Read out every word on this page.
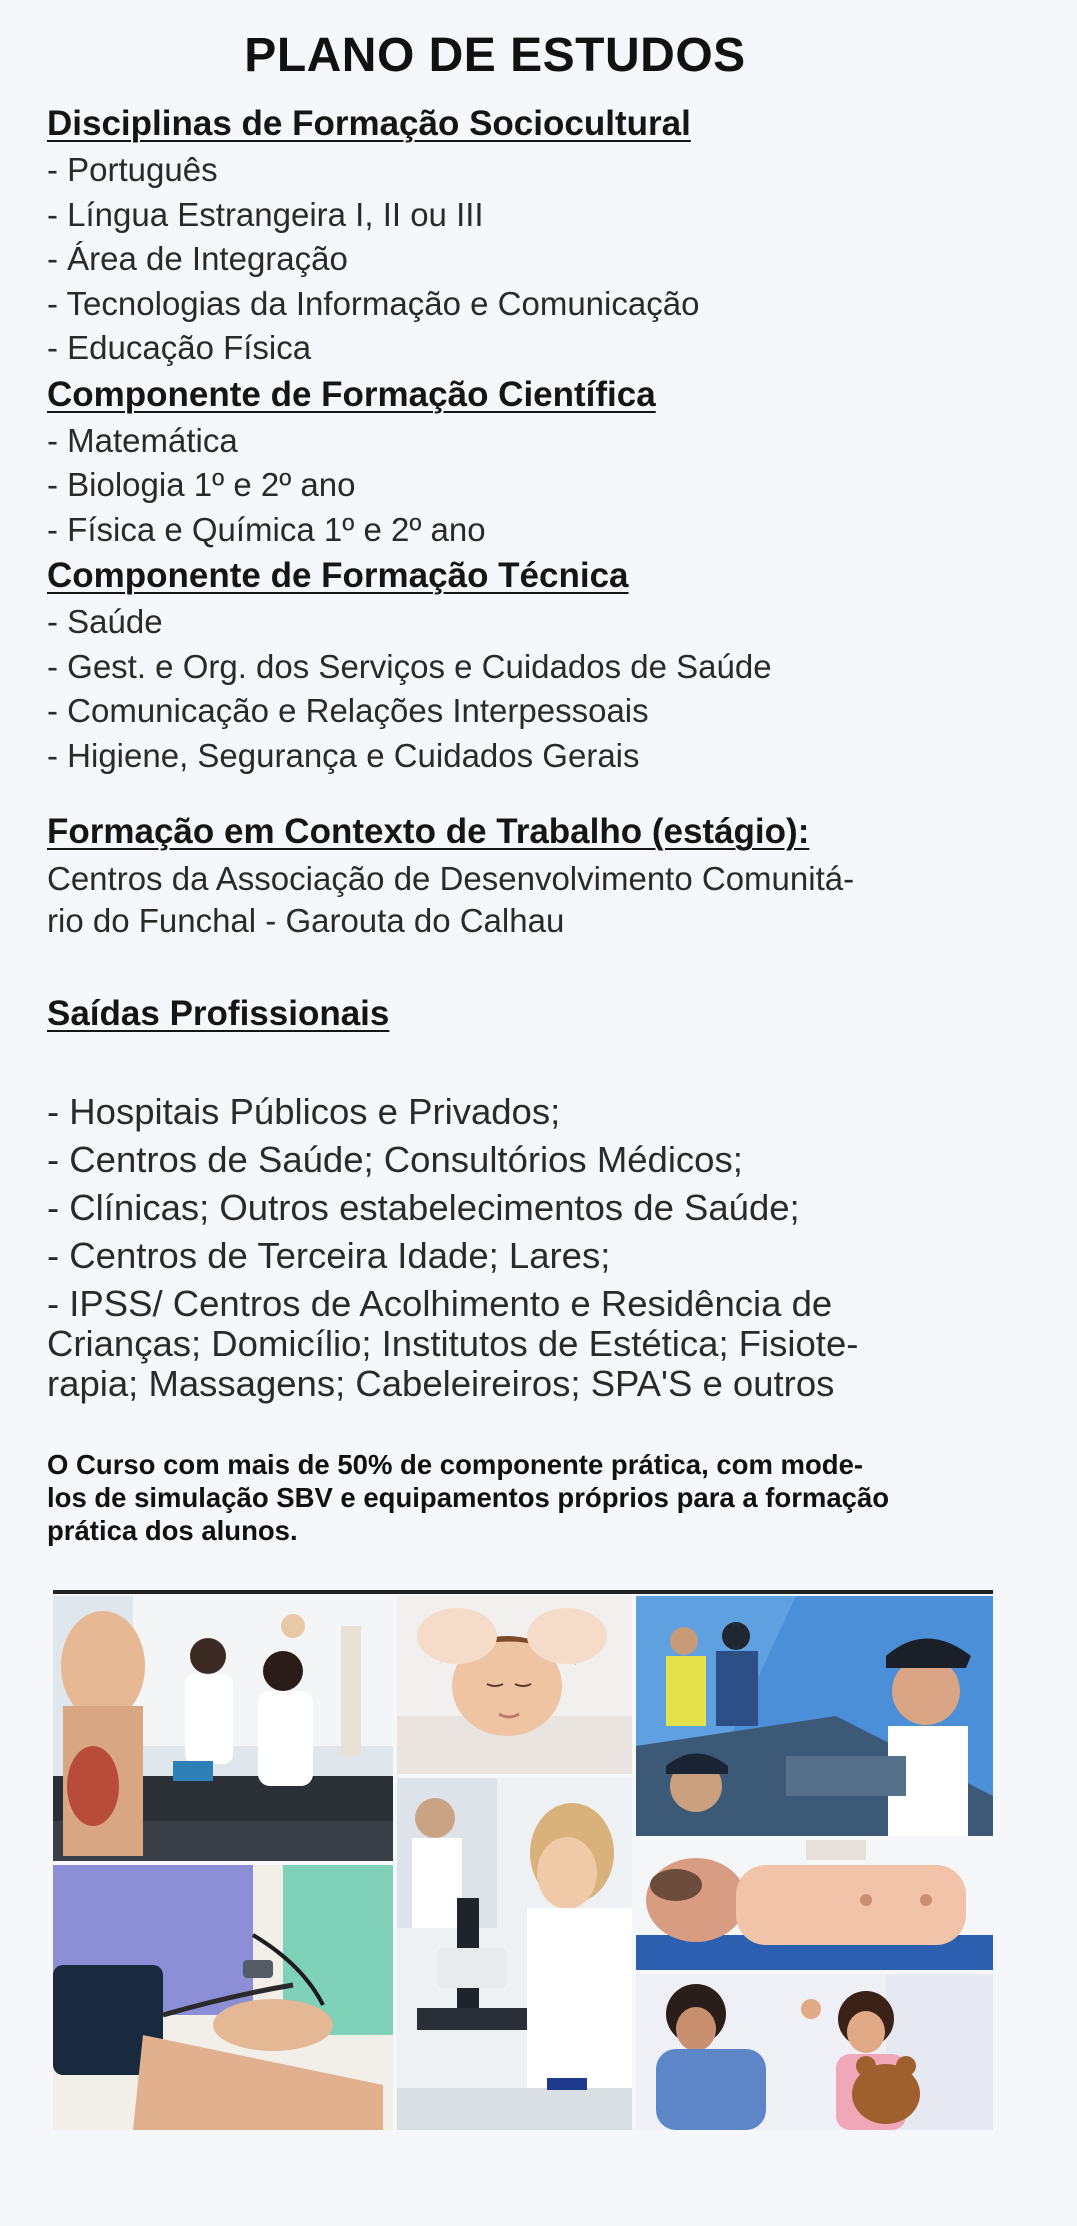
PLANO DE ESTUDOS

Disciplinas de Formação Sociocultural

- Português

- Língua Estrangeira I, II ou III

- Área de Integração

- Tecnologias da Informação e Comunicação

- Educação Física

Componente de Formação Científica

- Matemática

- Biologia 1º e 2º ano

- Física e Química 1º e 2º ano

Componente de Formação Técnica

- Saúde

- Gest. e Org. dos Serviços e Cuidados de Saúde

- Comunicação e Relações Interpessoais

- Higiene, Segurança e Cuidados Gerais

Formação em Contexto de Trabalho (estágio):

Centros da Associação de Desenvolvimento Comunitá-

rio do Funchal - Garouta do Calhau

Saídas Profissionais

- Hospitais Públicos e Privados;

- Centros de Saúde; Consultórios Médicos;

- Clínicas; Outros estabelecimentos de Saúde;

- Centros de Terceira Idade; Lares;

- IPSS/ Centros de Acolhimento e Residência de

Crianças; Domicílio; Institutos de Estética; Fisiote-

rapia; Massagens; Cabeleireiros; SPA'S e outros

O Curso com mais de 50% de componente prática, com mode-

los de simulação SBV e equipamentos próprios para a formação

prática dos alunos.
